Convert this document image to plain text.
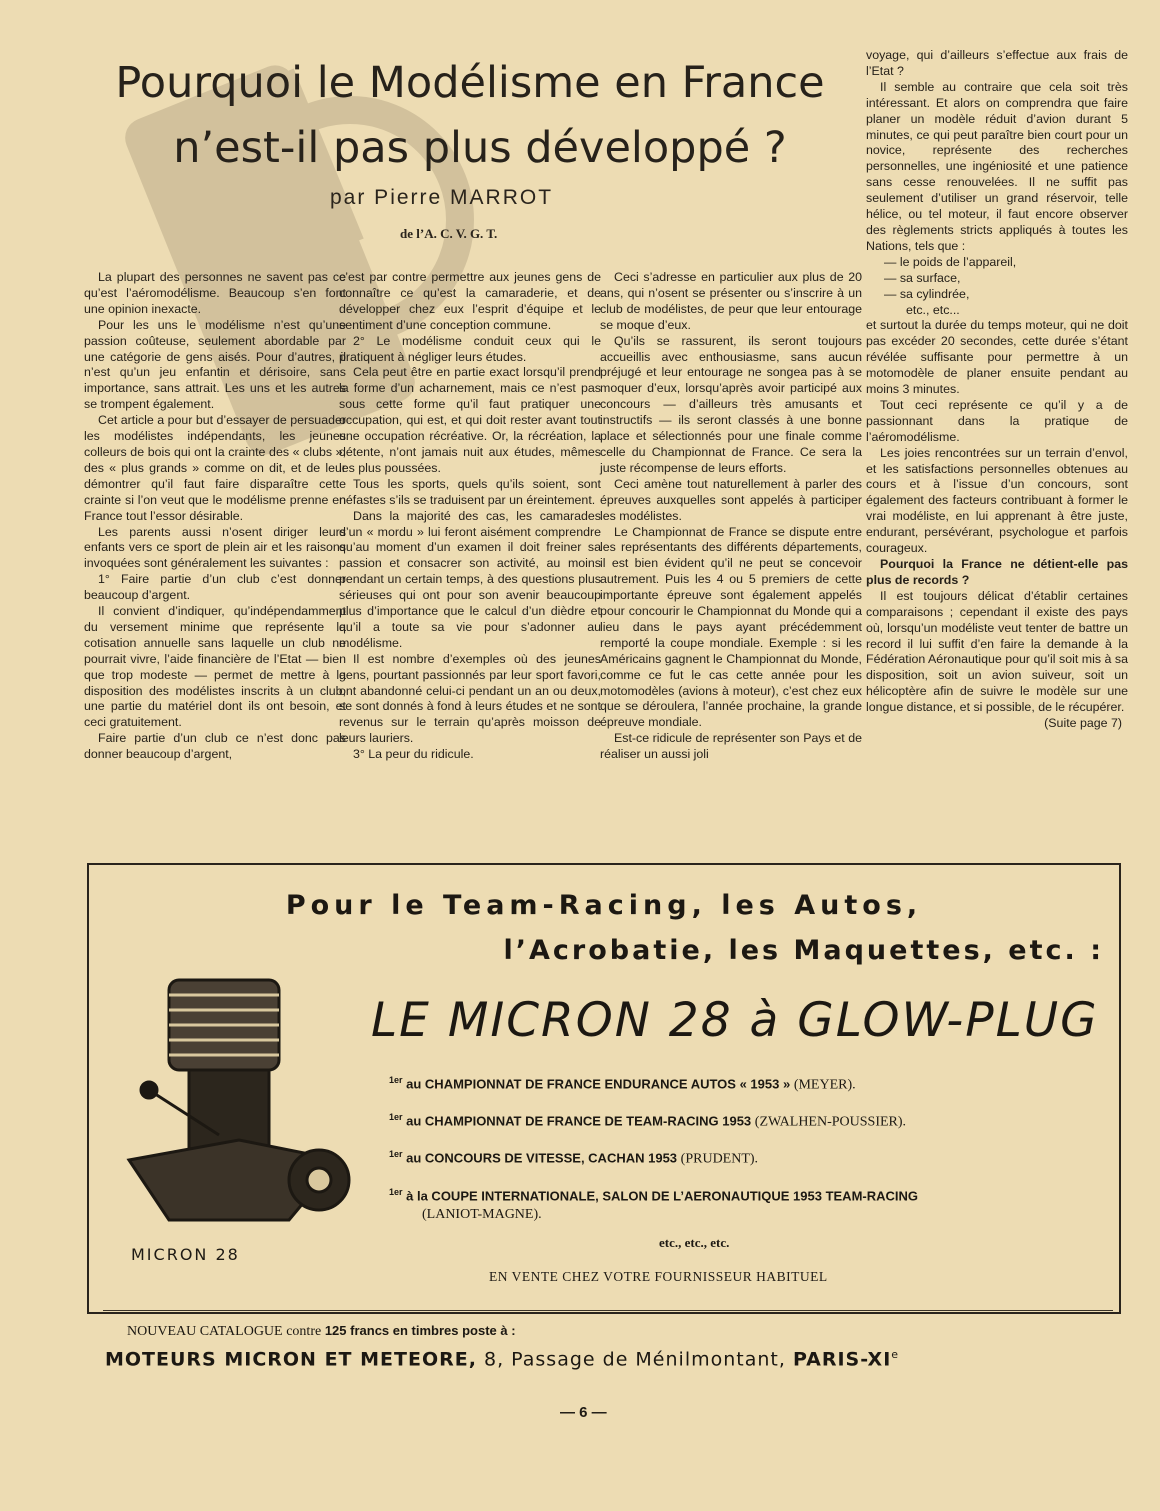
Pourquoi le Modélisme en France
n’est-il pas plus développé ?
par Pierre MARROT
de l’A. C. V. G. T.

La plupart des personnes ne savent pas ce qu’est l’aéromodélisme. Beaucoup s’en font une opinion inexacte.

Pour les uns le modélisme n’est qu’une passion coûteuse, seulement abordable par une catégorie de gens aisés. Pour d’autres, il n’est qu’un jeu enfantin et dérisoire, sans importance, sans attrait. Les uns et les autres se trompent également.

Cet article a pour but d’essayer de persuader les modélistes indépendants, les jeunes colleurs de bois qui ont la crainte des « clubs », des « plus grands » comme on dit, et de leur démontrer qu’il faut faire disparaître cette crainte si l’on veut que le modélisme prenne en France tout l’essor désirable.

Les parents aussi n’osent diriger leurs enfants vers ce sport de plein air et les raisons invoquées sont généralement les suivantes :

1° Faire partie d’un club c’est donner beaucoup d’argent.

Il convient d’indiquer, qu’indépendamment du versement minime que représente la cotisation annuelle sans laquelle un club ne pourrait vivre, l’aide financière de l’Etat — bien que trop modeste — permet de mettre à la disposition des modélistes inscrits à un club, une partie du matériel dont ils ont besoin, et ceci gratuitement.

Faire partie d’un club ce n’est donc pas donner beaucoup d’argent,

c’est par contre permettre aux jeunes gens de connaître ce qu’est la camaraderie, et de développer chez eux l’esprit d’équipe et le sentiment d’une conception commune.

2° Le modélisme conduit ceux qui le pratiquent à négliger leurs études.

Cela peut être en partie exact lorsqu’il prend la forme d’un acharnement, mais ce n’est pas sous cette forme qu’il faut pratiquer une occupation, qui est, et qui doit rester avant tout une occupation récréative. Or, la récréation, la détente, n’ont jamais nuit aux études, mêmes les plus poussées.

Tous les sports, quels qu’ils soient, sont néfastes s’ils se traduisent par un éreintement.

Dans la majorité des cas, les camarades d’un « mordu » lui feront aisément comprendre qu’au moment d’un examen il doit freiner sa passion et consacrer son activité, au moins pendant un certain temps, à des questions plus sérieuses qui ont pour son avenir beaucoup plus d’importance que le calcul d’un dièdre et qu’il a toute sa vie pour s’adonner au modélisme.

Il est nombre d’exemples où des jeunes gens, pourtant passionnés par leur sport favori, ont abandonné celui-ci pendant un an ou deux, se sont donnés à fond à leurs études et ne sont revenus sur le terrain qu’après moisson de leurs lauriers.

3° La peur du ridicule.

Ceci s’adresse en particulier aux plus de 20 ans, qui n’osent se présenter ou s’inscrire à un club de modélistes, de peur que leur entourage se moque d’eux.

Qu’ils se rassurent, ils seront toujours accueillis avec enthousiasme, sans aucun préjugé et leur entourage ne songea pas à se moquer d’eux, lorsqu’après avoir participé aux concours — d’ailleurs très amusants et instructifs — ils seront classés à une bonne place et sélectionnés pour une finale comme celle du Championnat de France. Ce sera la juste récompense de leurs efforts.

Ceci amène tout naturellement à parler des épreuves auxquelles sont appelés à participer les modélistes.

Le Championnat de France se dispute entre les représentants des différents départements, il est bien évident qu’il ne peut se concevoir autrement. Puis les 4 ou 5 premiers de cette importante épreuve sont également appelés pour concourir le Championnat du Monde qui a lieu dans le pays ayant précédemment remporté la coupe mondiale. Exemple : si les Américains gagnent le Championnat du Monde, comme ce fut le cas cette année pour les motomodèles (avions à moteur), c’est chez eux que se déroulera, l’année prochaine, la grande épreuve mondiale.

Est-ce ridicule de représenter son Pays et de réaliser un aussi joli

voyage, qui d’ailleurs s’effectue aux frais de l’Etat ?

Il semble au contraire que cela soit très intéressant. Et alors on comprendra que faire planer un modèle réduit d’avion durant 5 minutes, ce qui peut paraître bien court pour un novice, représente des recherches personnelles, une ingéniosité et une patience sans cesse renouvelées. Il ne suffit pas seulement d’utiliser un grand réservoir, telle hélice, ou tel moteur, il faut encore observer des règlements stricts appliqués à toutes les Nations, tels que :

— le poids de l’appareil,

— sa surface,

— sa cylindrée,

etc., etc...

et surtout la durée du temps moteur, qui ne doit pas excéder 20 secondes, cette durée s’étant révélée suffisante pour permettre à un motomodèle de planer ensuite pendant au moins 3 minutes.

Tout ceci représente ce qu’il y a de passionnant dans la pratique de l’aéromodélisme.

Les joies rencontrées sur un terrain d’envol, et les satisfactions personnelles obtenues au cours et à l’issue d’un concours, sont également des facteurs contribuant à former le vrai modéliste, en lui apprenant à être juste, endurant, persévérant, psychologue et parfois courageux.

Pourquoi la France ne détient-elle pas plus de records ?

Il est toujours délicat d’établir certaines comparaisons ; cependant il existe des pays où, lorsqu’un modéliste veut tenter de battre un record il lui suffit d’en faire la demande à la Fédération Aéronautique pour qu’il soit mis à sa disposition, soit un avion suiveur, soit un hélicoptère afin de suivre le modèle sur une longue distance, et si possible, de le récupérer.

(Suite page 7)

Pour le Team-Racing, les Autos,
l’Acrobatie, les Maquettes, etc. :
LE MICRON 28 à GLOW-PLUG
MICRON 28
$^{1er}$ au CHAMPIONNAT DE FRANCE ENDURANCE AUTOS « 1953 » (MEYER).
$^{1er}$ au CHAMPIONNAT DE FRANCE DE TEAM-RACING 1953 (ZWALHEN-POUSSIER).
$^{1er}$ au CONCOURS DE VITESSE, CACHAN 1953 (PRUDENT).
$^{1er}$ à la COUPE INTERNATIONALE, SALON DE L’AERONAUTIQUE 1953 TEAM-RACING
(LANIOT-MAGNE).
etc., etc., etc.
EN VENTE CHEZ VOTRE FOURNISSEUR HABITUEL
NOUVEAU CATALOGUE contre 125 francs en timbres poste à :
MOTEURS MICRON ET METEORE, 8, Passage de Ménilmontant, PARIS-XIe
— 6 —
